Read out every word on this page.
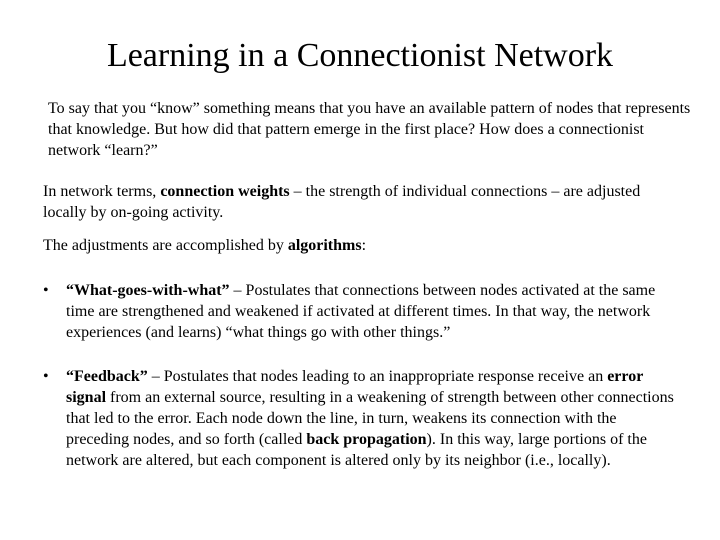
Learning in a Connectionist Network

To say that you “know” something means that you have an available pattern of nodes that represents that knowledge. But how did that pattern emerge in the first place? How does a connectionist network “learn?”

In network terms, connection weights – the strength of individual connections – are adjusted locally by on-going activity.

The adjustments are accomplished by algorithms:

• “What-goes-with-what” – Postulates that connections between nodes activated at the same time are strengthened and weakened if activated at different times. In that way, the network experiences (and learns) “what things go with other things.”

• “Feedback” – Postulates that nodes leading to an inappropriate response receive an error signal from an external source, resulting in a weakening of strength between other connections that led to the error. Each node down the line, in turn, weakens its connection with the preceding nodes, and so forth (called back propagation). In this way, large portions of the network are altered, but each component is altered only by its neighbor (i.e., locally).
